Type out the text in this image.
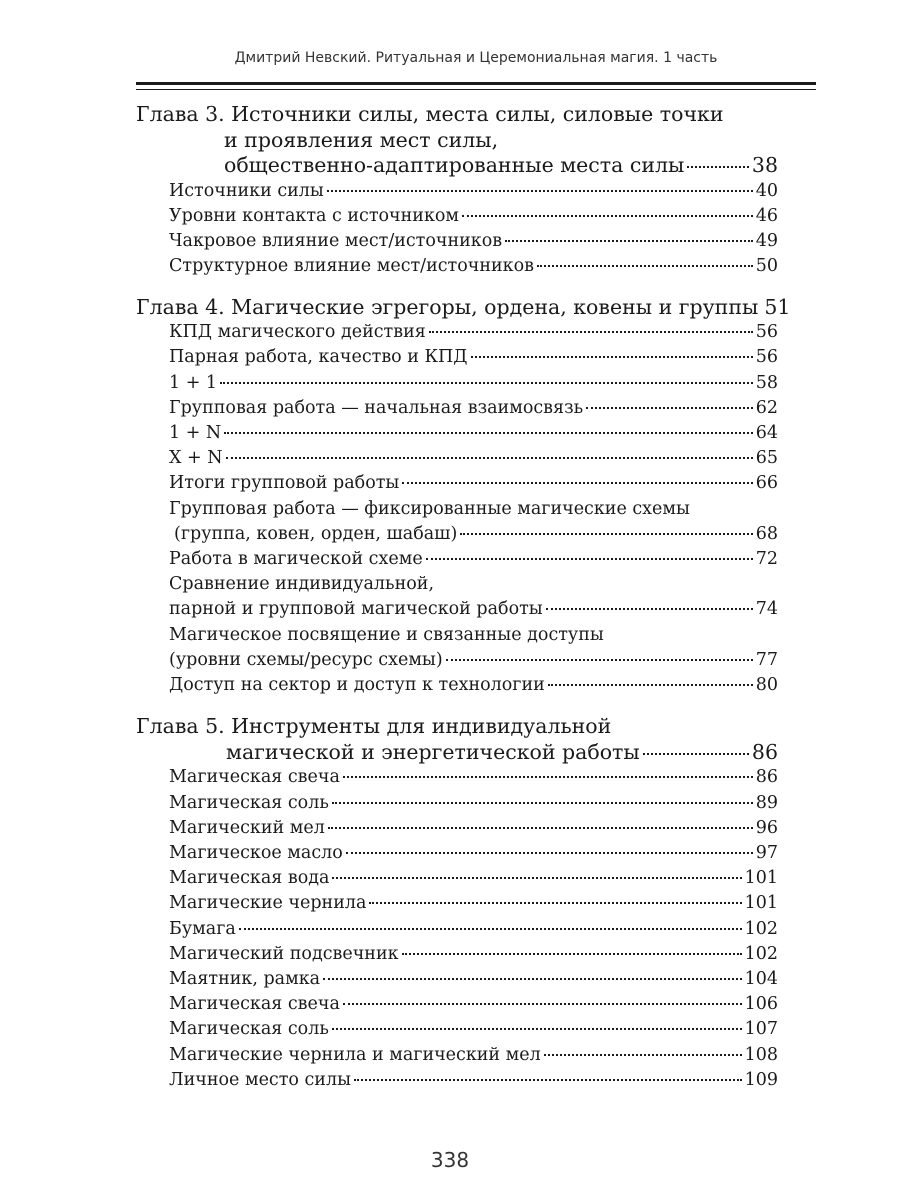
Дмитрий Невский. Ритуальная и Церемониальная магия. 1 часть
Глава 3. Источники силы, места силы, силовые точки
и проявления мест силы,
общественно-адаптированные места силы	38
Источники силы	40
Уровни контакта с источником	46
Чакровое влияние мест/источников	49
Структурное влияние мест/источников	50
Глава 4. Магические эгрегоры, ордена, ковены и группы 51
КПД магического действия	56
Парная работа, качество и КПД	56
1 + 1	58
Групповая работа — начальная взаимосвязь	62
1 + N	64
X + N	65
Итоги групповой работы	66
Групповая работа — фиксированные магические схемы
(группа, ковен, орден, шабаш)	68
Работа в магической схеме	72
Сравнение индивидуальной,
парной и групповой магической работы	74
Магическое посвящение и связанные доступы
(уровни схемы/ресурс схемы)	77
Доступ на сектор и доступ к технологии	80
Глава 5. Инструменты для индивидуальной
магической и энергетической работы	86
Магическая свеча	86
Магическая соль	89
Магический мел	96
Магическое масло	97
Магическая вода	101
Магические чернила	101
Бумага	102
Магический подсвечник	102
Маятник, рамка	104
Магическая свеча	106
Магическая соль	107
Магические чернила и магический мел	108
Личное место силы	109
338
